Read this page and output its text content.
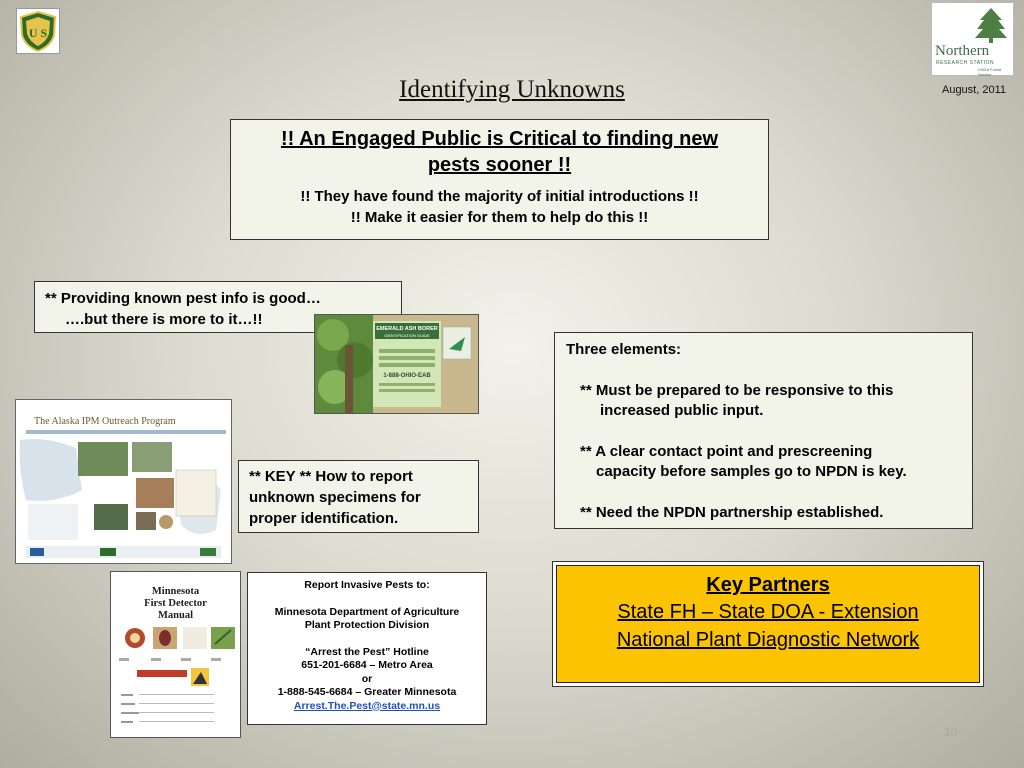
U S
Northern
RESEARCH STATION
USDA Forest Service
Identifying Unknowns	August, 2011
!! An Engaged Public is Critical to finding new
pests sooner !!
!! They have found the majority of initial introductions !!
!! Make it easier for them to help do this !!
** Providing known pest info is good…
….but there is more to it…!!
EMERALD ASH BORER
IDENTIFICATION GUIDE
1-888-OHIO-EAB
The Alaska IPM Outreach Program
** KEY ** How to report
unknown specimens for
proper identification.
Three elements:
** Must be prepared to be responsive to this
increased public input.
** A clear contact point and prescreening
capacity before samples go to NPDN is key.
** Need the NPDN partnership established.
Minnesota
First Detector
Manual
Report Invasive Pests to:
Minnesota Department of Agriculture
Plant Protection Division
“Arrest the Pest” Hotline
651-201-6684 – Metro Area
or
1-888-545-6684 – Greater Minnesota
Arrest.The.Pest@state.mn.us
Key Partners
State FH – State DOA - Extension
National Plant Diagnostic Network
10
